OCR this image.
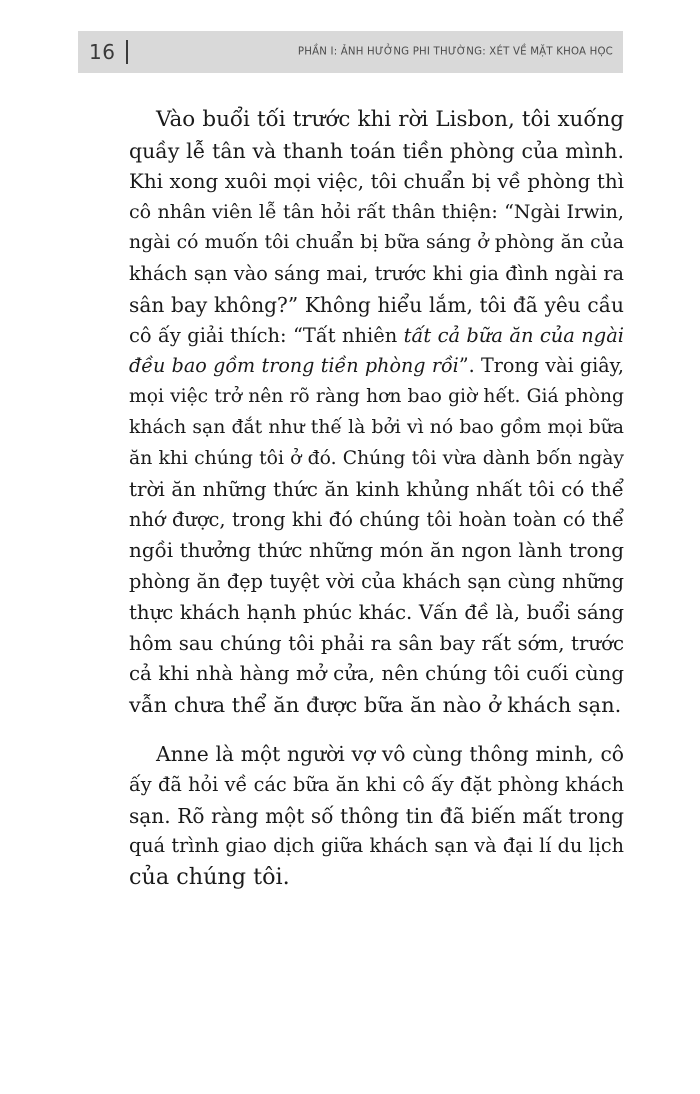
16	PHẦN I: ẢNH HƯỞNG PHI THƯỜNG: XÉT VỀ MẶT KHOA HỌC
Vào buổi tối trước khi rời Lisbon, tôi xuống
quầy lễ tân và thanh toán tiền phòng của mình.
Khi xong xuôi mọi việc, tôi chuẩn bị về phòng thì
cô nhân viên lễ tân hỏi rất thân thiện: “Ngài Irwin,
ngài có muốn tôi chuẩn bị bữa sáng ở phòng ăn của
khách sạn vào sáng mai, trước khi gia đình ngài ra
sân bay không?” Không hiểu lắm, tôi đã yêu cầu
cô ấy giải thích: “Tất nhiên tất cả bữa ăn của ngài
đều bao gồm trong tiền phòng rồi”. Trong vài giây,
mọi việc trở nên rõ ràng hơn bao giờ hết. Giá phòng
khách sạn đắt như thế là bởi vì nó bao gồm mọi bữa
ăn khi chúng tôi ở đó. Chúng tôi vừa dành bốn ngày
trời ăn những thức ăn kinh khủng nhất tôi có thể
nhớ được, trong khi đó chúng tôi hoàn toàn có thể
ngồi thưởng thức những món ăn ngon lành trong
phòng ăn đẹp tuyệt vời của khách sạn cùng những
thực khách hạnh phúc khác. Vấn đề là, buổi sáng
hôm sau chúng tôi phải ra sân bay rất sớm, trước
cả khi nhà hàng mở cửa, nên chúng tôi cuối cùng
vẫn chưa thể ăn được bữa ăn nào ở khách sạn.
Anne là một người vợ vô cùng thông minh, cô
ấy đã hỏi về các bữa ăn khi cô ấy đặt phòng khách
sạn. Rõ ràng một số thông tin đã biến mất trong
quá trình giao dịch giữa khách sạn và đại lí du lịch
của chúng tôi.
